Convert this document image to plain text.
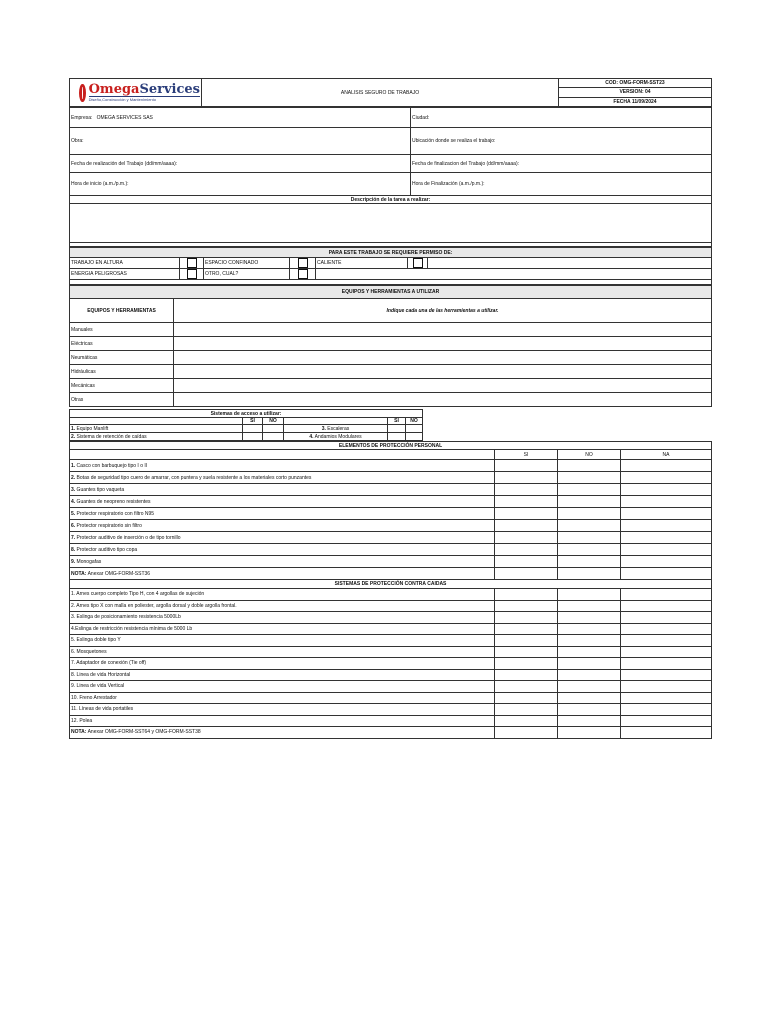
OmegaServices
Diseño,Construcción y Mantenimiento
	ANALISIS SEGURO DE TRABAJO	COD: OMG-FORM-SST23
VERSION: 04
FECHA 11/09/2024
Empresa: OMEGA SERVICES SAS	Ciudad:
Obra:	Ubicación donde se realiza el trabajo:
Fecha de realización del Trabajo (dd/mm/aaaa):	Fecha de finalizacion del Trabajo (dd/mm/aaaa):
Hora de inicio (a.m./p.m.):	Hora de Finalización (a.m./p.m.):
Descripción de la tarea a realizar:	

PARA ESTE TRABAJO SE REQUIERE PERMISO DE:						
TRABAJO EN ALTURA		ESPACIO CONFINADO		CALIENTE		
ENERGIA PELIGROSAS		OTRO, CUAL?				

EQUIPOS Y HERRAMIENTAS A UTILIZAR	
EQUIPOS Y HERRAMIENTAS	Indique cada una de las herramientas a utilizar.
Manuales	
Eléctricas	
Neumáticas	
Hidráulicas	
Mecánicas	
Otras	
Sistemas de acceso a utilizar:						
	SI	NO		SI	NO	
1. Equipo Manlift			3. Escaleras			
2. Sistema de retención de caídas			4. Andamios Modulares			
ELEMENTOS DE PROTECCIÓN PERSONAL			
	SI	NO	NA
1. Casco con barbuquejo tipo I o II			
2. Botas de seguridad tipo cuero de amarrar, con puntera y suela resistente a los materiales corto punzantes			
3. Guantes tipo vaqueta			
4. Guantes de neopreno resistentes			
5. Protector respiratorio con filtro N95			
6. Protector respiratorio sin filtro			
7. Protector auditivo de inserción o de tipo tornillo			
8. Protector auditivo tipo copa			
9. Monogafas			
NOTA: Anexar OMG-FORM-SST36			
SISTEMAS DE PROTECCIÓN CONTRA CAIDAS			
1. Arnes cuerpo completo Tipo H, con 4 argollas de sujeción			
2. Arnes tipo X con malla en poliester, argolla dorsal y doble argolla frontal.			
3. Eslinga de posicionamiento resistencia 5000Lb			
4.Eslinga de restricción resistencia mínima de 5000 Lb			
5. Eslinga doble tipo Y			
6. Mosquetones			
7. Adaptador de conexión (Tie off)			
8. Linea de vida Horizontal			
9. Linea de vida Vertical			
10. Freno Arrestador			
11. Líneas de vida portatiles			
12. Polea			
NOTA: Anexar OMG-FORM-SST64 y OMG-FORM-SST38			
